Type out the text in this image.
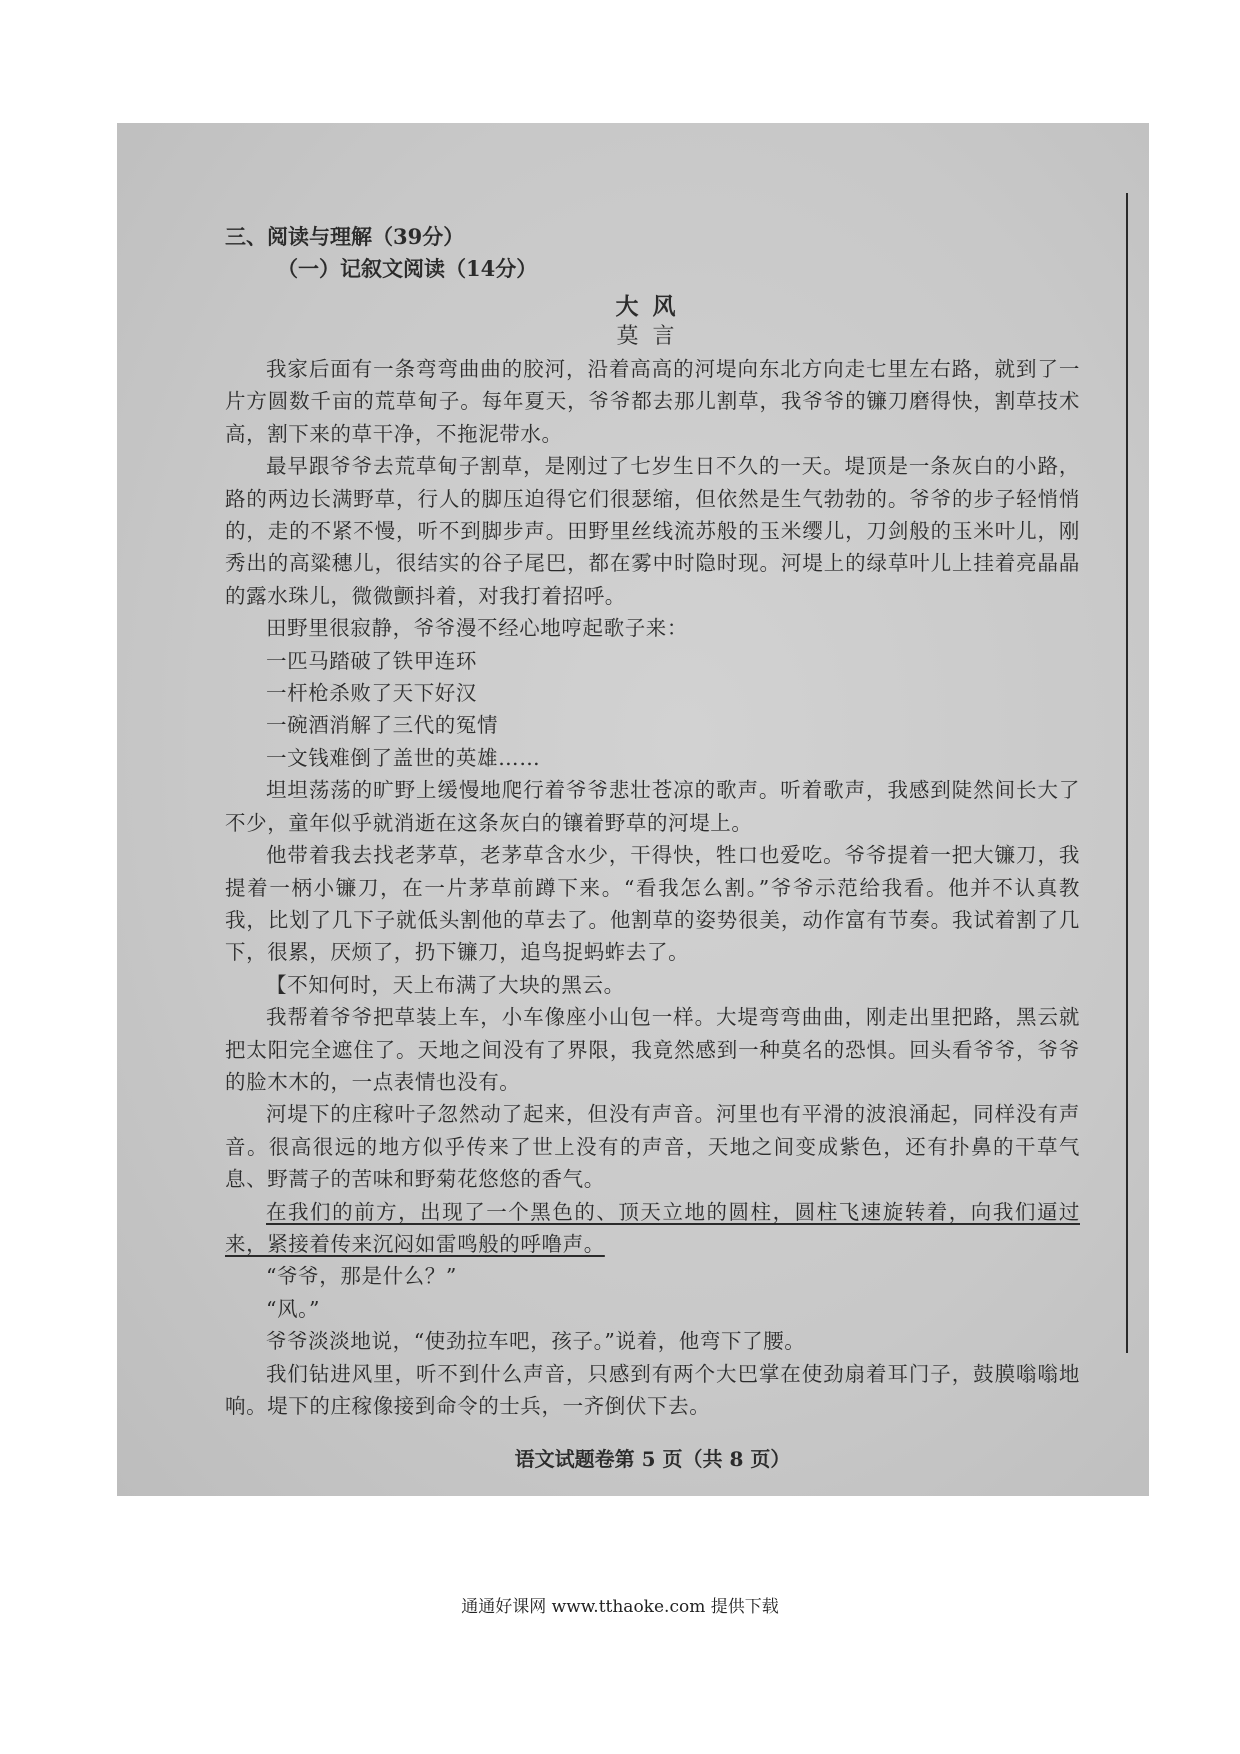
三、阅读与理解（39分）
（一）记叙文阅读（14分）
大风
莫言

我家后面有一条弯弯曲曲的胶河，沿着高高的河堤向东北方向走七里左右路，就到了一片方圆数千亩的荒草甸子。每年夏天，爷爷都去那儿割草，我爷爷的镰刀磨得快，割草技术高，割下来的草干净，不拖泥带水。

最早跟爷爷去荒草甸子割草，是刚过了七岁生日不久的一天。堤顶是一条灰白的小路，路的两边长满野草，行人的脚压迫得它们很瑟缩，但依然是生气勃勃的。爷爷的步子轻悄悄的，走的不紧不慢，听不到脚步声。田野里丝线流苏般的玉米缨儿，刀剑般的玉米叶儿，刚秀出的高粱穗儿，很结实的谷子尾巴，都在雾中时隐时现。河堤上的绿草叶儿上挂着亮晶晶的露水珠儿，微微颤抖着，对我打着招呼。

田野里很寂静，爷爷漫不经心地哼起歌子来：

一匹马踏破了铁甲连环

一杆枪杀败了天下好汉

一碗酒消解了三代的冤情

一文钱难倒了盖世的英雄……

坦坦荡荡的旷野上缓慢地爬行着爷爷悲壮苍凉的歌声。听着歌声，我感到陡然间长大了不少，童年似乎就消逝在这条灰白的镶着野草的河堤上。

他带着我去找老茅草，老茅草含水少，干得快，牲口也爱吃。爷爷提着一把大镰刀，我提着一柄小镰刀，在一片茅草前蹲下来。“看我怎么割。”爷爷示范给我看。他并不认真教我，比划了几下子就低头割他的草去了。他割草的姿势很美，动作富有节奏。我试着割了几下，很累，厌烦了，扔下镰刀，追鸟捉蚂蚱去了。

【不知何时，天上布满了大块的黑云。

我帮着爷爷把草装上车，小车像座小山包一样。大堤弯弯曲曲，刚走出里把路，黑云就把太阳完全遮住了。天地之间没有了界限，我竟然感到一种莫名的恐惧。回头看爷爷，爷爷的脸木木的，一点表情也没有。

河堤下的庄稼叶子忽然动了起来，但没有声音。河里也有平滑的波浪涌起，同样没有声音。很高很远的地方似乎传来了世上没有的声音，天地之间变成紫色，还有扑鼻的干草气息、野蒿子的苦味和野菊花悠悠的香气。

在我们的前方，出现了一个黑色的、顶天立地的圆柱，圆柱飞速旋转着，向我们逼过来，紧接着传来沉闷如雷鸣般的呼噜声。

“爷爷，那是什么？”

“风。”

爷爷淡淡地说，“使劲拉车吧，孩子。”说着，他弯下了腰。

我们钻进风里，听不到什么声音，只感到有两个大巴掌在使劲扇着耳门子，鼓膜嗡嗡地响。堤下的庄稼像接到命令的士兵，一齐倒伏下去。

语文试题卷第 5 页（共 8 页）
通通好课网 www.tthaoke.com 提供下载
